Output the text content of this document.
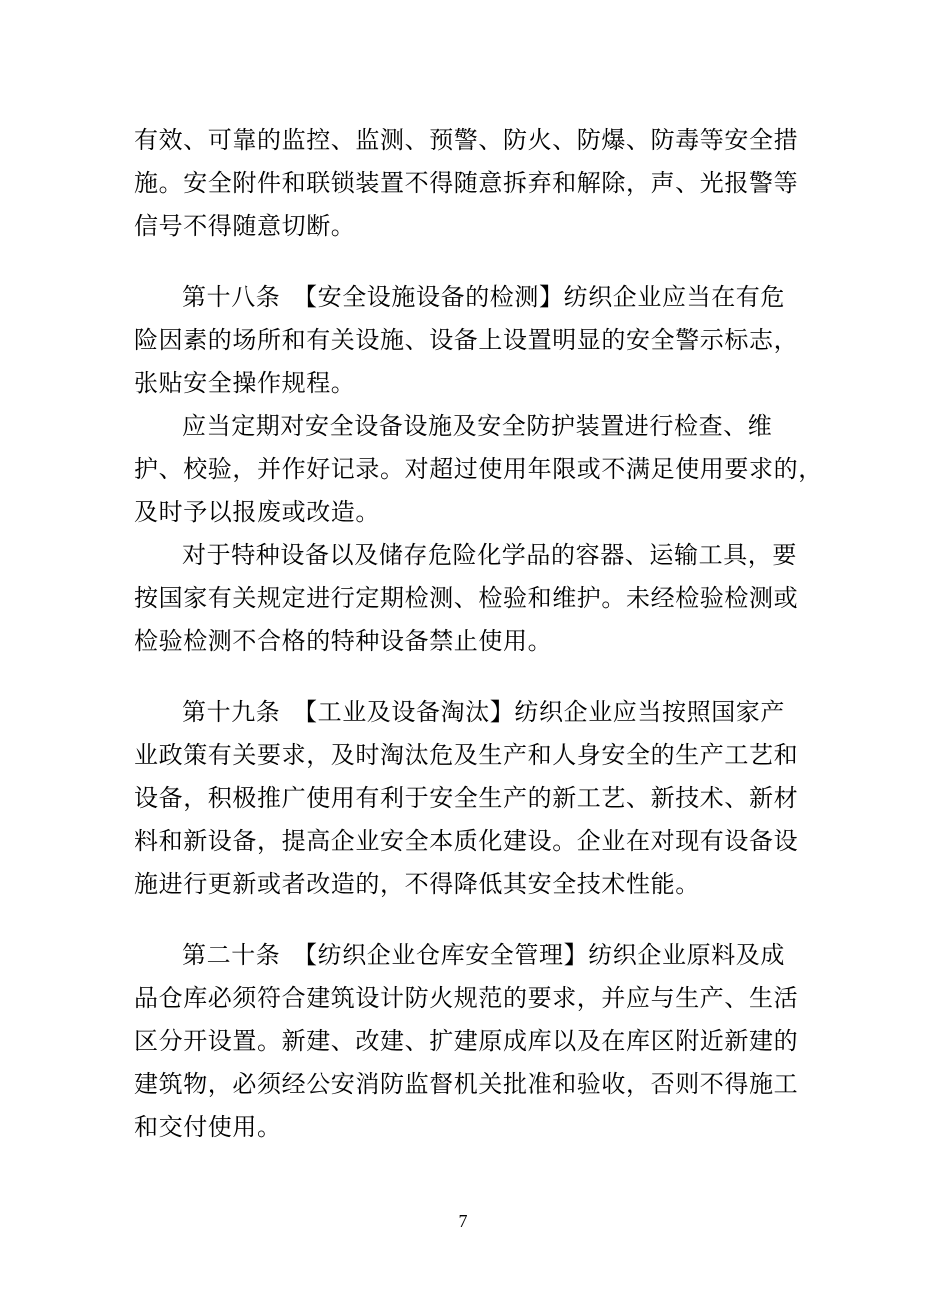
有效、可靠的监控、监测、预警、防火、防爆、防毒等安全措
施。安全附件和联锁装置不得随意拆弃和解除，声、光报警等
信号不得随意切断。
第十八条　【安全设施设备的检测】纺织企业应当在有危
险因素的场所和有关设施、设备上设置明显的安全警示标志，
张贴安全操作规程。
应当定期对安全设备设施及安全防护装置进行检查、维
护、校验，并作好记录。对超过使用年限或不满足使用要求的，
及时予以报废或改造。
对于特种设备以及储存危险化学品的容器、运输工具，要
按国家有关规定进行定期检测、检验和维护。未经检验检测或
检验检测不合格的特种设备禁止使用。
第十九条　【工业及设备淘汰】纺织企业应当按照国家产
业政策有关要求，及时淘汰危及生产和人身安全的生产工艺和
设备，积极推广使用有利于安全生产的新工艺、新技术、新材
料和新设备，提高企业安全本质化建设。企业在对现有设备设
施进行更新或者改造的，不得降低其安全技术性能。
第二十条　【纺织企业仓库安全管理】纺织企业原料及成
品仓库必须符合建筑设计防火规范的要求，并应与生产、生活
区分开设置。新建、改建、扩建原成库以及在库区附近新建的
建筑物，必须经公安消防监督机关批准和验收，否则不得施工
和交付使用。
7
